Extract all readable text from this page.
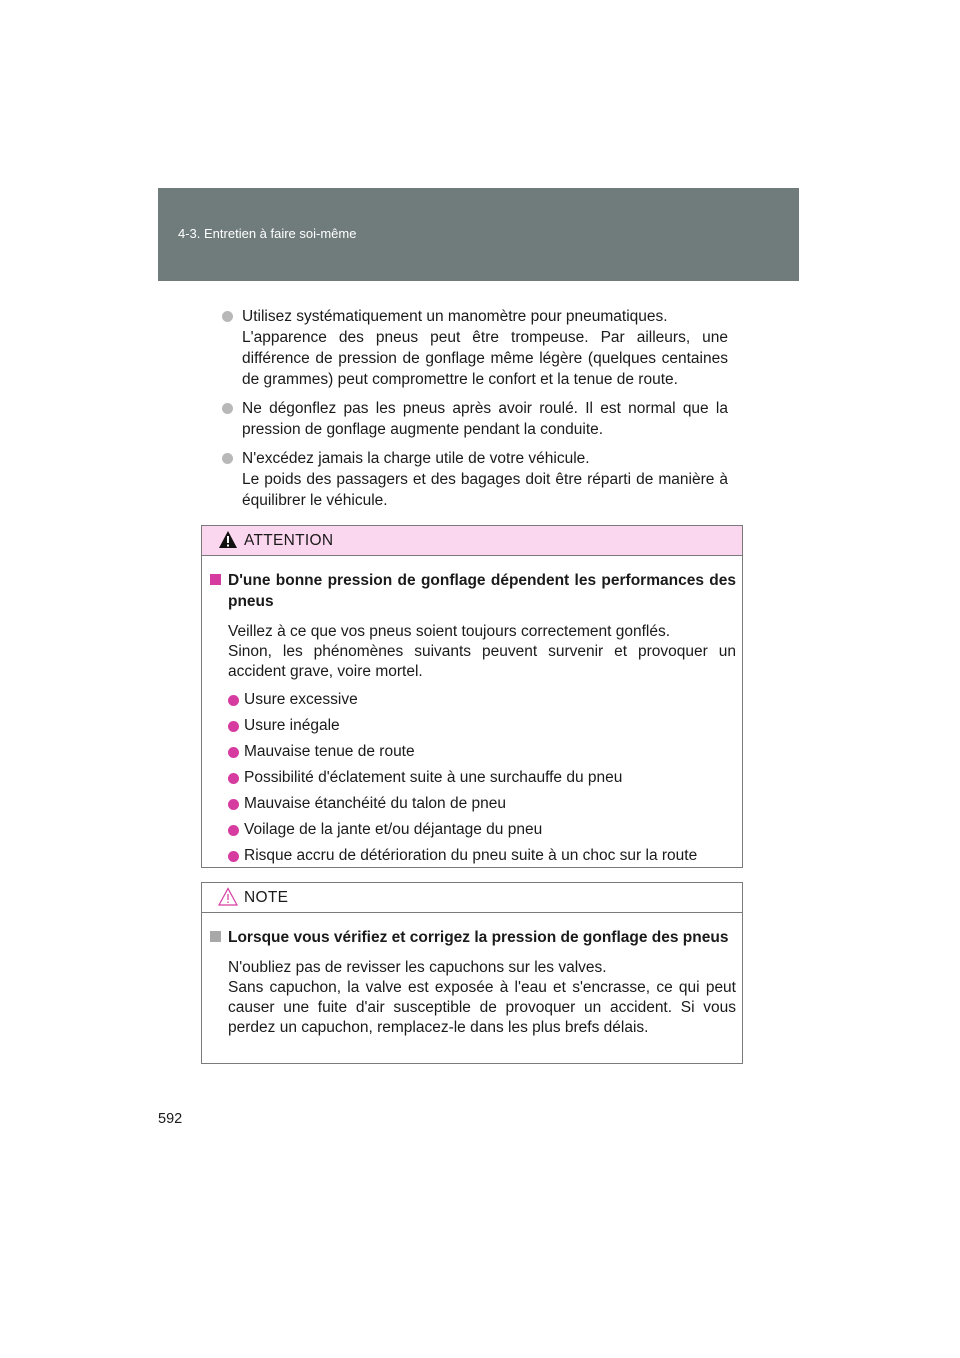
4-3. Entretien à faire soi-même
Utilisez systématiquement un manomètre pour pneumatiques.
L'apparence des pneus peut être trompeuse. Par ailleurs, une différence de pression de gonflage même légère (quelques centaines de grammes) peut compromettre le confort et la tenue de route.
Ne dégonflez pas les pneus après avoir roulé. Il est normal que la pression de gonflage augmente pendant la conduite.
N'excédez jamais la charge utile de votre véhicule.
Le poids des passagers et des bagages doit être réparti de manière à équilibrer le véhicule.
ATTENTION
D'une bonne pression de gonflage dépendent les performances des pneus
Veillez à ce que vos pneus soient toujours correctement gonflés.
Sinon, les phénomènes suivants peuvent survenir et provoquer un accident grave, voire mortel.
Usure excessive
Usure inégale
Mauvaise tenue de route
Possibilité d'éclatement suite à une surchauffe du pneu
Mauvaise étanchéité du talon de pneu
Voilage de la jante et/ou déjantage du pneu
Risque accru de détérioration du pneu suite à un choc sur la route
NOTE
Lorsque vous vérifiez et corrigez la pression de gonflage des pneus
N'oubliez pas de revisser les capuchons sur les valves.
Sans capuchon, la valve est exposée à l'eau et s'encrasse, ce qui peut causer une fuite d'air susceptible de provoquer un accident. Si vous perdez un capuchon, remplacez-le dans les plus brefs délais.
592
